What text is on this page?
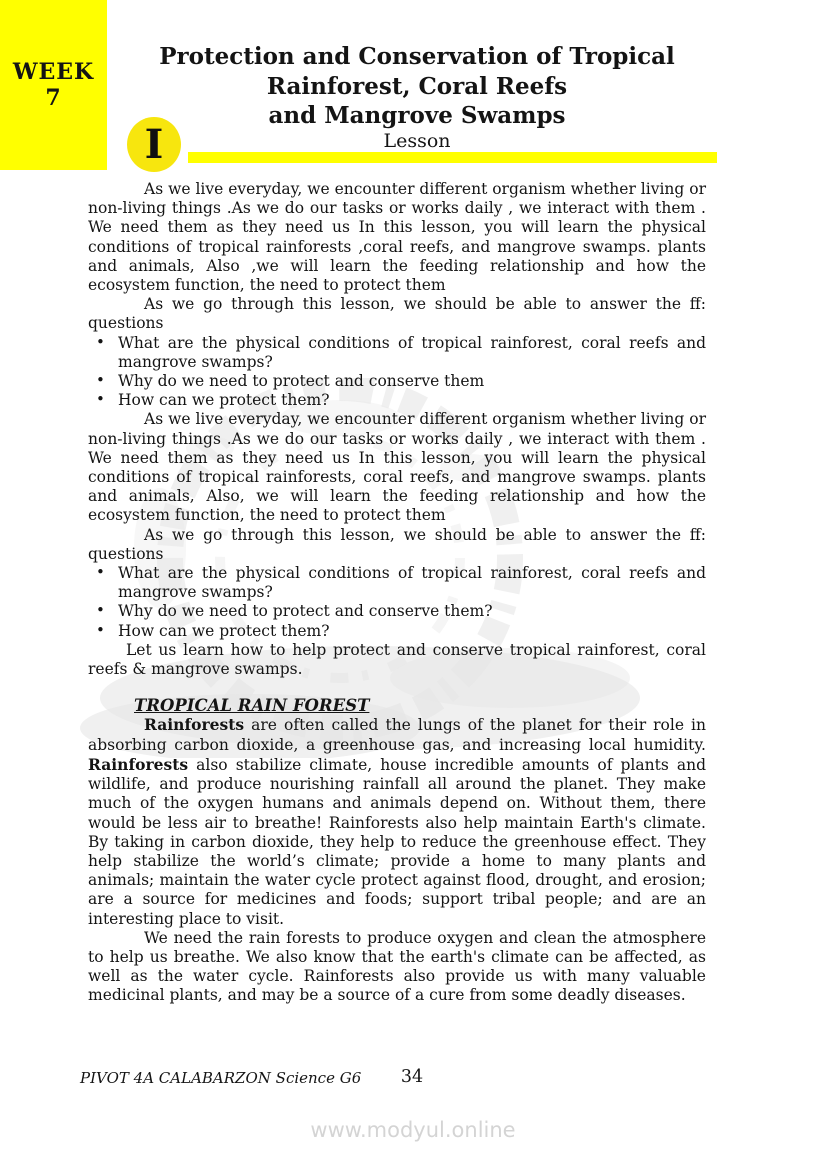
WEEK
7
Protection and Conservation of Tropical
Rainforest, Coral Reefs
and Mangrove Swamps
Lesson
I

As we live everyday, we encounter different organism whether living or non-living things .As we do our tasks or works daily , we interact with them . We need them as they need us In this lesson, you will learn the physical conditions of tropical rainforests ,coral reefs, and mangrove swamps. plants and animals, Also ,we will learn the feeding relationship and how the ecosystem function, the need to protect them

As we go through this lesson, we should be able to answer the ff: questions

• What are the physical conditions of tropical rainforest, coral reefs and mangrove swamps?
• Why do we need to protect and conserve them
• How can we protect them?

As we live everyday, we encounter different organism whether living or non-living things .As we do our tasks or works daily , we interact with them . We need them as they need us In this lesson, you will learn the physical conditions of tropical rainforests, coral reefs, and mangrove swamps. plants and animals, Also, we will learn the feeding relationship and how the ecosystem function, the need to protect them

As we go through this lesson, we should be able to answer the ff: questions

• What are the physical conditions of tropical rainforest, coral reefs and mangrove swamps?
• Why do we need to protect and conserve them?
• How can we protect them?

Let us learn how to help protect and conserve tropical rainforest, coral reefs & mangrove swamps.

TROPICAL RAIN FOREST

Rainforests are often called the lungs of the planet for their role in absorbing carbon dioxide, a greenhouse gas, and increasing local humidity. Rainforests also stabilize climate, house incredible amounts of plants and wildlife, and produce nourishing rainfall all around the planet. They make much of the oxygen humans and animals depend on. Without them, there would be less air to breathe! Rainforests also help maintain Earth's climate. By taking in carbon dioxide, they help to reduce the greenhouse effect. They help stabilize the world’s climate; provide a home to many plants and animals; maintain the water cycle protect against flood, drought, and erosion; are a source for medicines and foods; support tribal people; and are an interesting place to visit.

We need the rain forests to produce oxygen and clean the atmosphere to help us breathe. We also know that the earth's climate can be affected, as well as the water cycle. Rainforests also provide us with many valuable medicinal plants, and may be a source of a cure from some deadly diseases.

PIVOT 4A CALABARZON Science G6	34
www.modyul.online
